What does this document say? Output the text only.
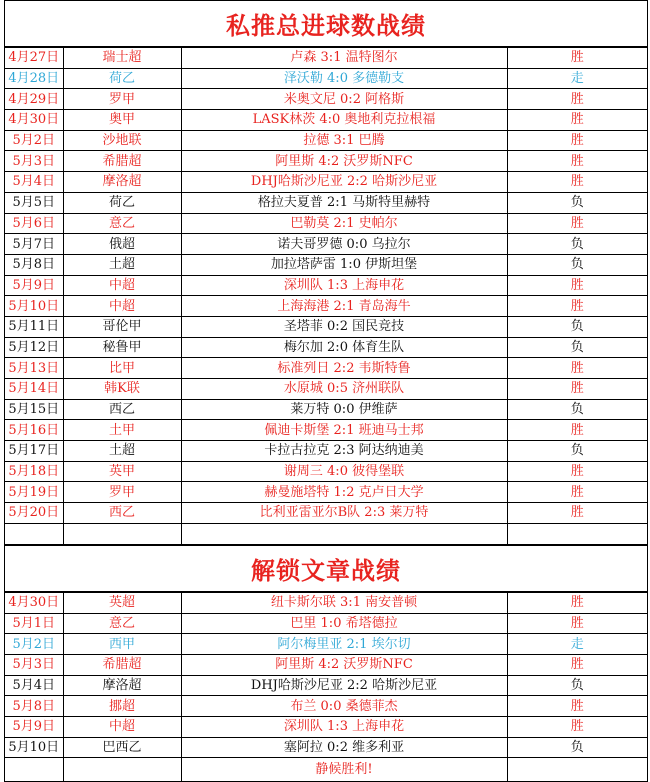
私推总进球数战绩
4月27日	瑞士超	卢森 3:1 温特图尔	胜
4月28日	荷乙	泽沃勒 4:0 多德勒支	走
4月29日	罗甲	米奥文尼 0:2 阿格斯	胜
4月30日	奥甲	LASK林茨 4:0 奥地利克拉根福	胜
5月2日	沙地联	拉德 3:1 巴腾	胜
5月3日	希腊超	阿里斯 4:2 沃罗斯NFC	胜
5月4日	摩洛超	DHJ哈斯沙尼亚 2:2 哈斯沙尼亚	胜
5月5日	荷乙	格拉夫夏普 2:1 马斯特里赫特	负
5月6日	意乙	巴勒莫 2:1 史帕尔	胜
5月7日	俄超	诺夫哥罗德 0:0 乌拉尔	负
5月8日	土超	加拉塔萨雷 1:0 伊斯坦堡	负
5月9日	中超	深圳队 1:3 上海申花	胜
5月10日	中超	上海海港 2:1 青岛海牛	胜
5月11日	哥伦甲	圣塔菲 0:2 国民竞技	负
5月12日	秘鲁甲	梅尔加 2:0 体育生队	负
5月13日	比甲	标准列日 2:2 韦斯特鲁	胜
5月14日	韩K联	水原城 0:5 济州联队	胜
5月15日	西乙	莱万特 0:0 伊维萨	负
5月16日	土甲	佩迪卡斯堡 2:1 班迪马士邦	胜
5月17日	土超	卡拉古拉克 2:3 阿达纳迪美	负
5月18日	英甲	谢周三 4:0 彼得堡联	胜
5月19日	罗甲	赫曼施塔特 1:2 克卢日大学	胜
5月20日	西乙	比利亚雷亚尔B队 2:3 莱万特	胜

解锁文章战绩
4月30日	英超	纽卡斯尔联 3:1 南安普顿	胜
5月1日	意乙	巴里 1:0 希塔德拉	胜
5月2日	西甲	阿尔梅里亚 2:1 埃尔切	走
5月3日	希腊超	阿里斯 4:2 沃罗斯NFC	胜
5月4日	摩洛超	DHJ哈斯沙尼亚 2:2 哈斯沙尼亚	负
5月8日	挪超	布兰 0:0 桑德菲杰	胜
5月9日	中超	深圳队 1:3 上海申花	胜
5月10日	巴西乙	塞阿拉 0:2 维多利亚	负
		静候胜利!	
